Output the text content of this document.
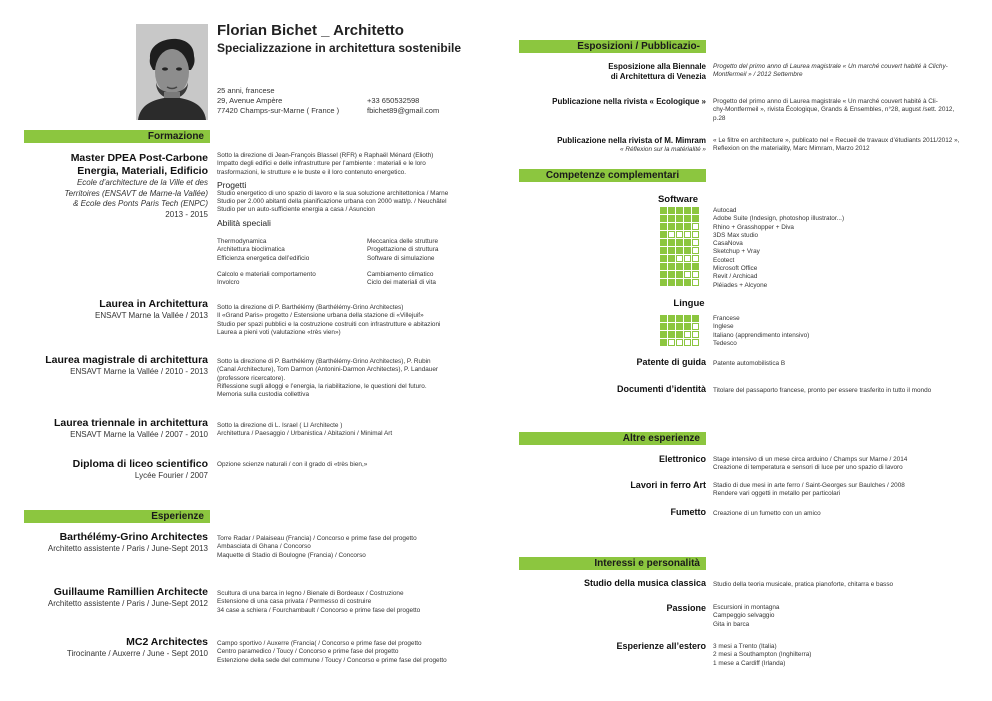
Florian Bichet _ Architetto
Specializzazione in architettura sostenibile
25 anni, francese
29, Avenue Ampère
77420 Champs-sur-Marne ( France )
+33 650532598
fbichet89@gmail.com
Formazione
Master DPEA Post-Carbone
Energia, Materiali, Edificio
Ecole d’architecture de la Ville et des
Territoires (ENSAVT de Marne-la Vallée)
& Ecole des Ponts Paris Tech (ENPC)
2013 - 2015
Sotto la direzione di Jean-François Blassel (RFR) e Raphaël Ménard (Elioth)
Impatto degli edifici e delle infrastrutture per l’ambiente : materiali e le loro
trasformazioni, le strutture e le buste e il loro contenuto energetico.
Progetti
Studio energetico di uno spazio di lavoro e la sua soluzione architettonica / Marne
Studio per 2.000 abitanti della pianificazione urbana con 2000 watt/p. / Neuchâtel
Studio per un auto-sufficiente energia a casa / Asuncion
Abilità speciali
Thermodynamica
Architettura bioclimatica
Efficienza energetica dell’edificio
Calcolo e materiali comportamento
Involcro
Meccanica delle strutture
Progettazione di struttura
Software di simulazione
Cambiamento climatico
Ciclo dei materiali di vita
Laurea in Architettura
ENSAVT Marne la Vallée / 2013
Sotto la direzione di P. Barthélémy (Barthélémy-Grino Architectes)
Il «Grand Paris» progetto / Estensione urbana della stazione di «Villejuif»
Studio per spazi pubblici e la costruzione costruiti con infrastrutture e abitazioni
Laurea a pieni voti (valutazione «très vien»)
Laurea magistrale di architettura
ENSAVT Marne la Vallée / 2010 - 2013
Sotto la direzione di P. Barthélémy (Barthélémy-Grino Architectes), P. Rubin
(Canal Architecture), Tom Darmon (Antonini-Darmon Architectes), P. Landauer
(professore ricercatore).
Riflessione sugli alloggi e l’energia, la riabilitazione, le questioni del futuro.
Memoria sulla custodia collettiva
Laurea triennale in architettura
ENSAVT Marne la Vallée / 2007 - 2010
Sotto la direzione di L. Israel ( LI Architecte )
Architettura / Paesaggio / Urbanistica / Abitazioni / Minimal Art
Diploma di liceo scientifico
Lycée Fourier / 2007
Opzione scienze naturali / con il grado di «très bien,»
Esperienze
Barthélémy-Grino Architectes
Architetto assistente / Paris / June-Sept 2013
Torre Radar / Palaiseau (Francia) / Concorso e prime fase del progetto
Ambasciata di Ghana / Concorso
Maquette di Stadio di Boulogne (Francia) / Concorso
Guillaume Ramillien Architecte
Architetto assistente / Paris / June-Sept 2012
Scultura di una barca in legno / Bienale di Bordeaux / Costruzione
Estensione di una casa privata / Permesso di costruire
34 case a schiera / Fourchambault / Concorso e prime fase del progetto
MC2 Architectes
Tirocinante / Auxerre / June - Sept 2010
Campo sportivo / Auxerre (Francia( / Concorso e prime fase del progetto
Centro paramedico / Toucy / Concorso e prime fase del progetto
Estenzione della sede del commune / Toucy / Concorso e prime fase del progetto
Esposizioni / Pubblicazio-
Esposizione alla Biennale
di Architettura di Venezia
Progetto del primo anno di Laurea magistrale « Un marché couvert habité à Clichy-
Montfermeil » / 2012 Settembre
Publicazione nella rivista « Ecologique » Progetto del primo anno di Laurea magistrale « Un marché couvert habité à Cli-
chy-Montfermeil », rivista Écologique, Grands & Ensembles, n°28, august /sett. 2012,
p.28
Publicazione nella rivista of M. Mimram
« Réflexion sur la matérialité »
« Le filtre en architecture », publicato nel « Recueil de travaux d’étudiants 2011/2012 »,
Reflexion on the materiality, Marc Mimram, Marzo 2012
Competenze complementari
Software
Autocad
Adobe Suite (Indesign, photoshop illustrator...)
Rhino + Grasshopper + Diva
3DS Max studio
CasaNova
Sketchup + Vray
Ecotect
Microsoft Office
Revit / Archicad
Pléiades + Alcyone
Lingue
Francese
Inglese
Italiano (apprendimento intensivo)
Tedesco
Patente di guida Patente automobilistica B
Documenti d’identità Titolare del passaporto francese, pronto per essere trasferito in tutto il mondo
Altre esperienze
Elettronico Stage intensivo di un mese circa arduino / Champs sur Marne / 2014
Creazione di temperatura e sensori di luce per uno spazio di lavoro
Lavori in ferro Art Stadio di due mesi in arte ferro / Saint-Georges sur Baulches / 2008
Rendere vari oggetti in metallo per particolari
Fumetto Creazione di un fumetto con un amico
Interessi e personalità
Studio della musica classica Studio della teoria musicale, pratica pianoforte, chitarra e basso
Passione Escursioni in montagna
Campeggio selvaggio
Gita in barca
Esperienze all’estero 3 mesi a Trento (Italia)
2 mesi a Southampton (Inghilterra)
1 mese a Cardiff (Irlanda)
